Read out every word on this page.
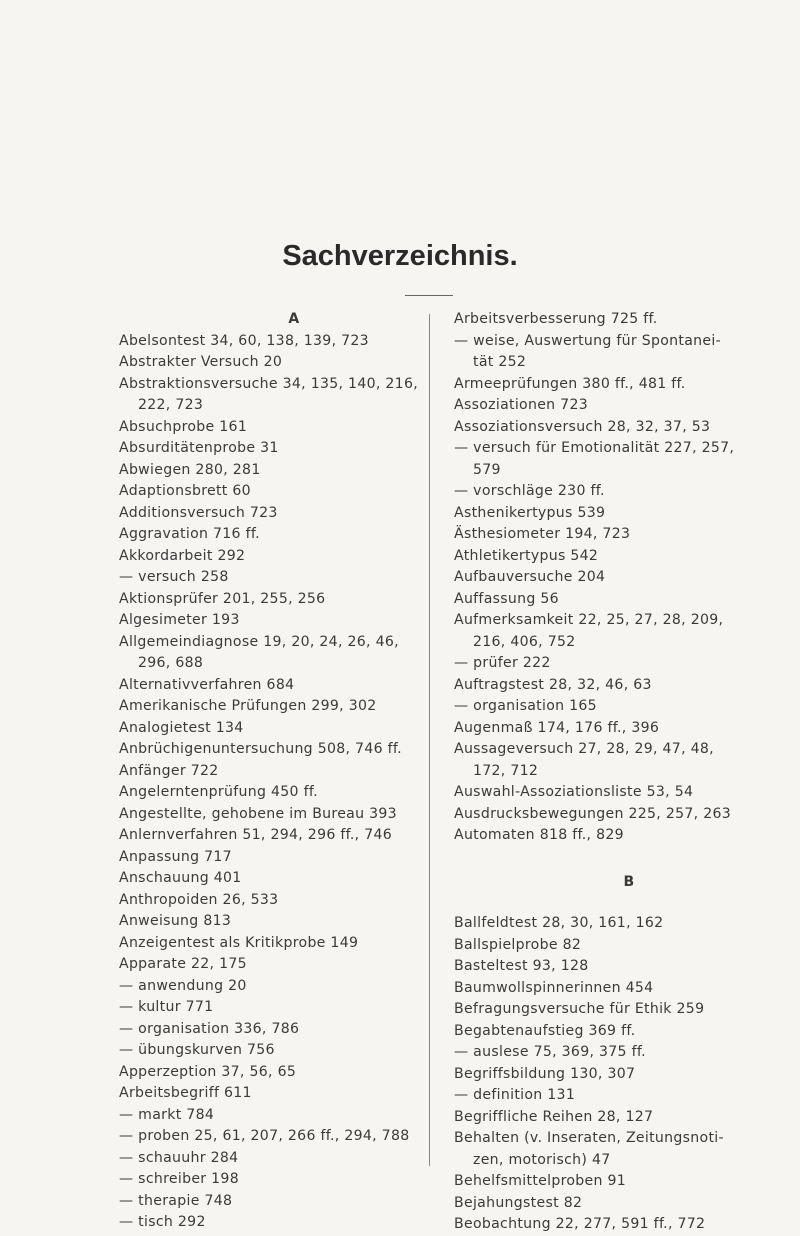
Sachverzeichnis.
A
Abelsontest 34, 60, 138, 139, 723
Abstrakter Versuch 20
Abstraktionsversuche 34, 135, 140, 216,
222, 723
Absuchprobe 161
Absurditätenprobe 31
Abwiegen 280, 281
Adaptionsbrett 60
Additionsversuch 723
Aggravation 716 ff.
Akkordarbeit 292
— versuch 258
Aktionsprüfer 201, 255, 256
Algesimeter 193
Allgemeindiagnose 19, 20, 24, 26, 46,
296, 688
Alternativverfahren 684
Amerikanische Prüfungen 299, 302
Analogietest 134
Anbrüchigenuntersuchung 508, 746 ff.
Anfänger 722
Angelerntenprüfung 450 ff.
Angestellte, gehobene im Bureau 393
Anlernverfahren 51, 294, 296 ff., 746
Anpassung 717
Anschauung 401
Anthropoiden 26, 533
Anweisung 813
Anzeigentest als Kritikprobe 149
Apparate 22, 175
— anwendung 20
— kultur 771
— organisation 336, 786
— übungskurven 756
Apperzeption 37, 56, 65
Arbeitsbegriff 611
— markt 784
— proben 25, 61, 207, 266 ff., 294, 788
— schauuhr 284
— schreiber 198
— therapie 748
— tisch 292
Arbeitsverbesserung 725 ff.
— weise, Auswertung für Spontanei-
tät 252
Armeeprüfungen 380 ff., 481 ff.
Assoziationen 723
Assoziationsversuch 28, 32, 37, 53
— versuch für Emotionalität 227, 257,
579
— vorschläge 230 ff.
Asthenikertypus 539
Ästhesiometer 194, 723
Athletikertypus 542
Aufbauversuche 204
Auffassung 56
Aufmerksamkeit 22, 25, 27, 28, 209,
216, 406, 752
— prüfer 222
Auftragstest 28, 32, 46, 63
— organisation 165
Augenmaß 174, 176 ff., 396
Aussageversuch 27, 28, 29, 47, 48,
172, 712
Auswahl-Assoziationsliste 53, 54
Ausdrucksbewegungen 225, 257, 263
Automaten 818 ff., 829
B
Ballfeldtest 28, 30, 161, 162
Ballspielprobe 82
Basteltest 93, 128
Baumwollspinnerinnen 454
Befragungsversuche für Ethik 259
Begabtenaufstieg 369 ff.
— auslese 75, 369, 375 ff.
Begriffsbildung 130, 307
— definition 131
Begriffliche Reihen 28, 127
Behalten (v. Inseraten, Zeitungsnoti-
zen, motorisch) 47
Behelfsmittelproben 91
Bejahungstest 82
Beobachtung 22, 277, 591 ff., 772
